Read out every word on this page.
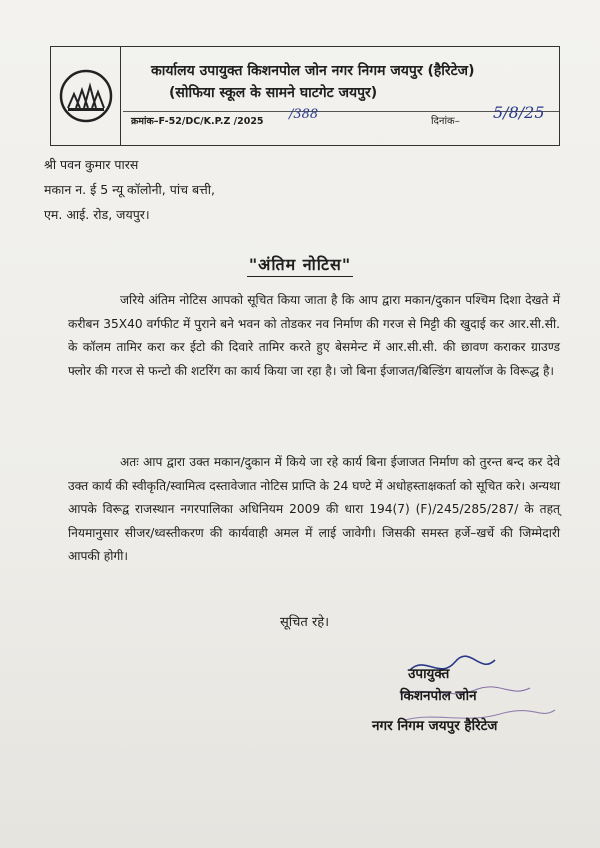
कार्यालय उपायुक्त किशनपोल जोन नगर निगम जयपुर (हैरिटेज)
(सोफिया स्कूल के सामने घाटगेट जयपुर)
क्रमांक–F-52/DC/K.P.Z /2025 /388	दिनांक– 5/8/25
श्री पवन कुमार पारस
मकान न. ई 5 न्यू कॉलोनी, पांच बत्ती,
एम. आई. रोड, जयपुर।
"अंतिम नोटिस"
जरिये अंतिम नोटिस आपको सूचित किया जाता है कि आप द्वारा मकान/दुकान पश्चिम दिशा देखते में करीबन 35X40 वर्गफीट में पुराने बने भवन को तोडकर नव निर्माण की गरज से मिट्टी की खुदाई कर आर.सी.सी. के कॉलम तामिर करा कर ईटो की दिवारे तामिर करते हुए बेसमेन्ट में आर.सी.सी. की छावण कराकर ग्राउण्ड फ्लोर की गरज से फन्टो की शटरिंग का कार्य किया जा रहा है। जो बिना ईजाजत/बिल्डिंग बायलॉज के विरूद्ध है।
अतः आप द्वारा उक्त मकान/दुकान में किये जा रहे कार्य बिना ईजाजत निर्माण को तुरन्त बन्द कर देवे उक्त कार्य की स्वीकृति/स्वामित्व दस्तावेजात नोटिस प्राप्ति के 24 घण्टे में अधोहस्ताक्षकर्ता को सूचित करे। अन्यथा आपके विरूद्व राजस्थान नगरपालिका अधिनियम 2009 की धारा 194(7) (F)/245/285/287/ के तहत् नियमानुसार सीजर/ध्वस्तीकरण की कार्यवाही अमल में लाई जावेगी। जिसकी समस्त हर्जे–खर्चे की जिम्मेदारी आपकी होगी।
सूचित रहे।
उपायुक्त
किशनपोल जोन
नगर निगम जयपुर हैरिटेज
